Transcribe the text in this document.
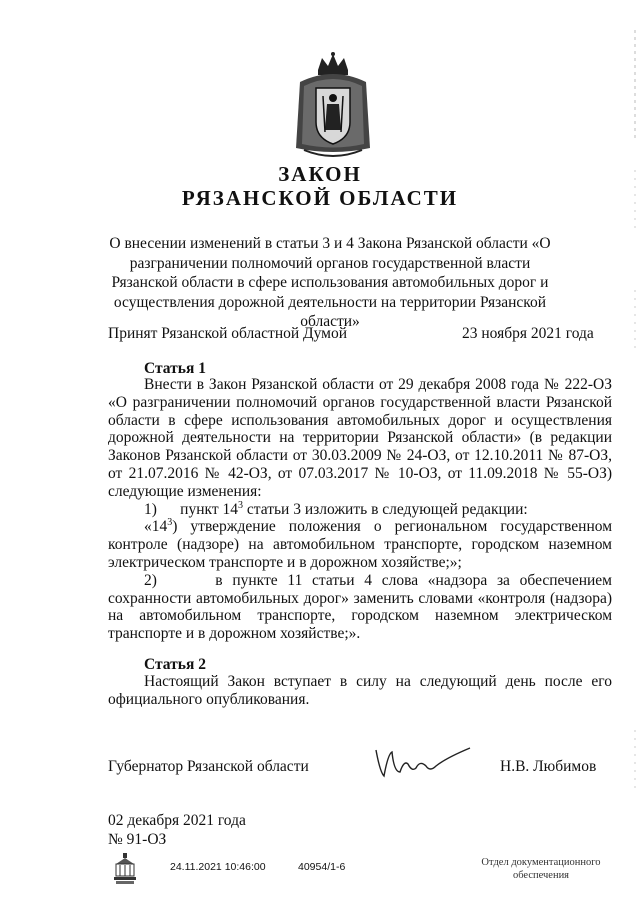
ЗАКОН
РЯЗАНСКОЙ ОБЛАСТИ
О внесении изменений в статьи 3 и 4 Закона Рязанской области «О разграничении полномочий органов государственной власти Рязанской области в сфере использования автомобильных дорог и осуществления дорожной деятельности на территории Рязанской области»
Принят Рязанской областной Думой	23 ноября 2021 года
Статья 1

Внести в Закон Рязанской области от 29 декабря 2008 года № 222-ОЗ «О разграничении полномочий органов государственной власти Рязанской области в сфере использования автомобильных дорог и осуществления дорожной деятельности на территории Рязанской области» (в редакции Законов Рязанской области от 30.03.2009 № 24-ОЗ, от 12.10.2011 № 87-ОЗ, от 21.07.2016 № 42-ОЗ, от 07.03.2017 № 10-ОЗ, от 11.09.2018 № 55-ОЗ) следующие изменения:

1) пункт $14^3$ статьи 3 изложить в следующей редакции:

«$14^3$) утверждение положения о региональном государственном контроле (надзоре) на автомобильном транспорте, городском наземном электрическом транспорте и в дорожном хозяйстве;»;

2)	в пункте 11 статьи 4 слова «надзора за обеспечением сохранности автомобильных дорог» заменить словами «контроля (надзора) на автомобильном транспорте, городском наземном электрическом транспорте и в дорожном хозяйстве;».

Статья 2

Настоящий Закон вступает в силу на следующий день после его официального опубликования.

Губернатор Рязанской области	Н.В. Любимов
02 декабря 2021 года
№ 91-ОЗ
24.11.2021 10:46:00	40954/1-6	Отдел документационного
обеспечения
